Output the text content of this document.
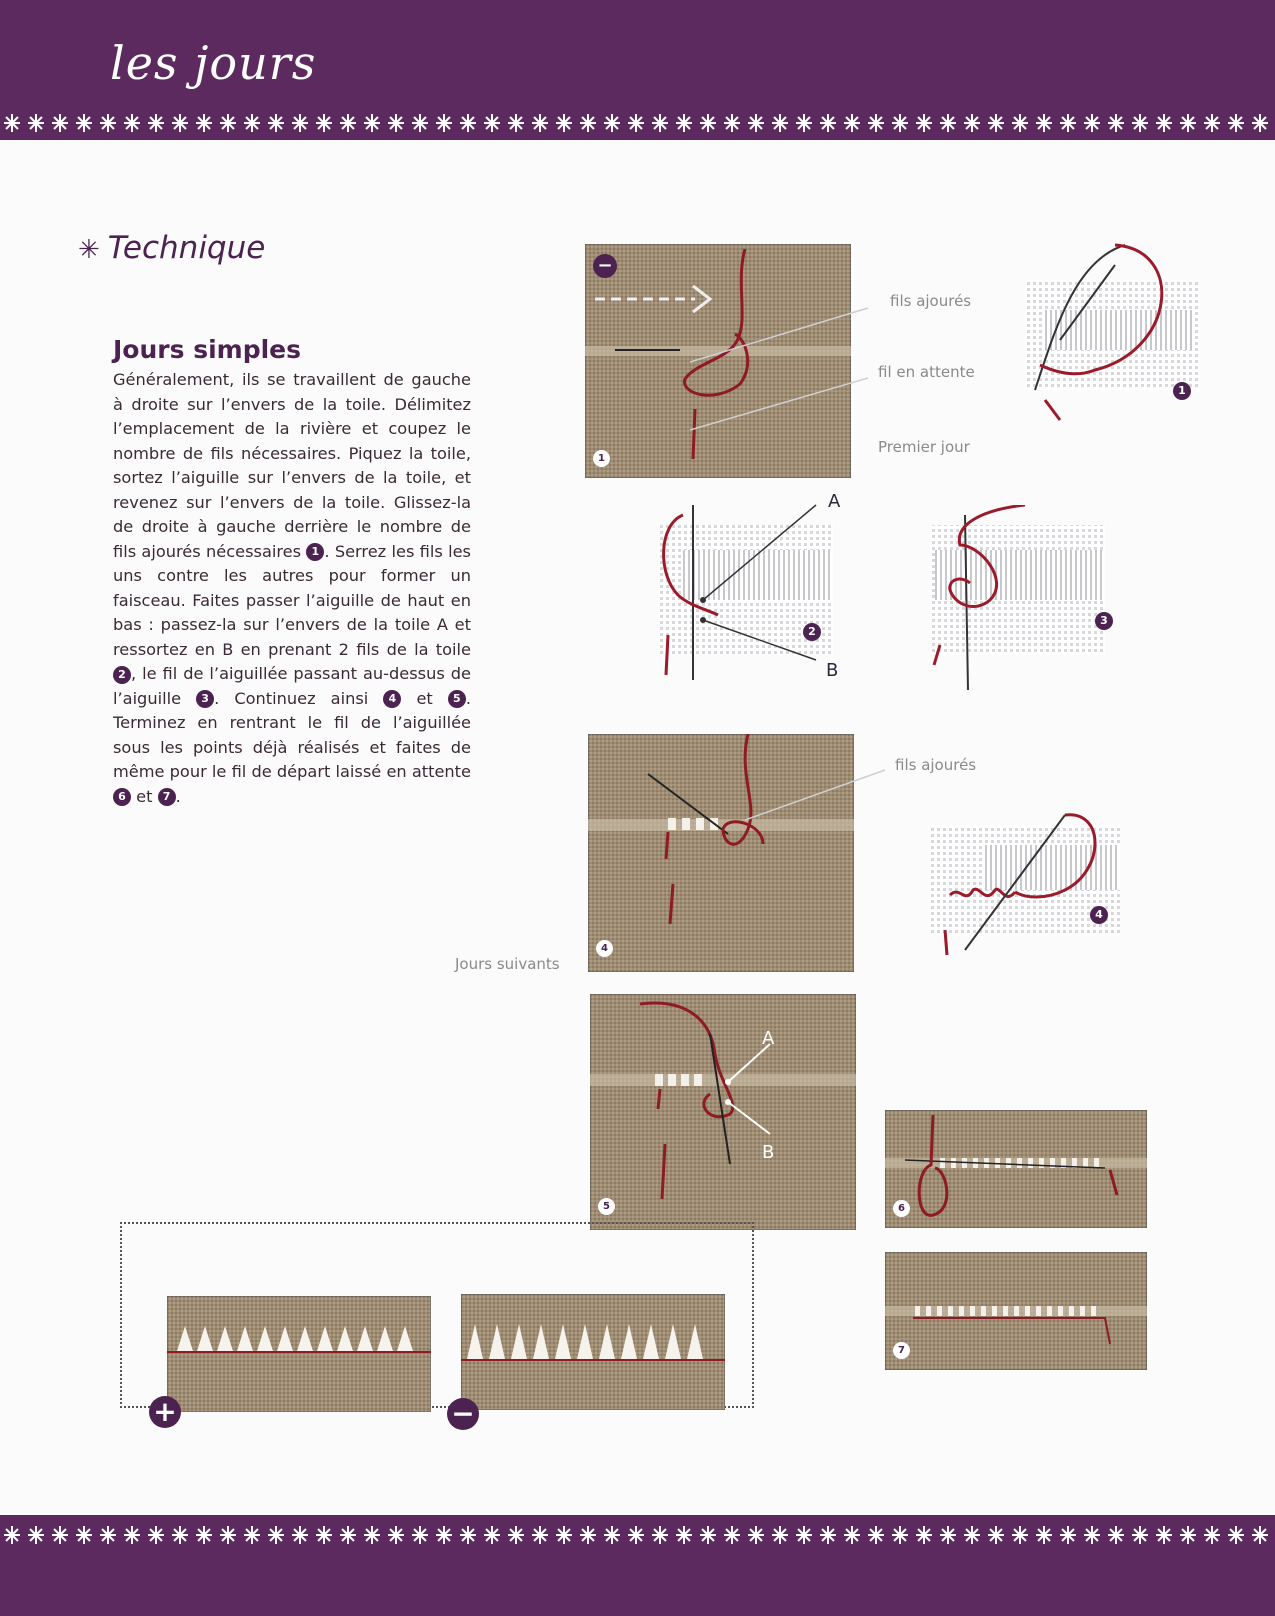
les jours
✳ Technique
Jours simples
Généralement, ils se travaillent de gauche à droite sur l’envers de la toile. Délimitez l’emplacement de la rivière et coupez le nombre de fils nécessaires. Piquez la toile, sortez l’aiguille sur l’envers de la toile, et revenez sur l’envers de la toile. Glissez-la de droite à gauche derrière le nombre de fils ajourés nécessaires 1 . Serrez les fils les uns contre les autres pour former un faisceau. Faites passer l’aiguille de haut en bas : passez-la sur l’envers de la toile A et ressortez en B en prenant 2 fils de la toile 2 , le fil de l’aiguillée passant au-dessus de l’aiguille 3 . Continuez ainsi 4 et 5 . Terminez en rentrant le fil de l’aiguillée sous les points déjà réalisés et faites de même pour le fil de départ laissé en attente 6 et 7 .
−
1
fils ajourés
fil en attente
Premier jour
1
A
B
2
3
4
fils ajourés
Jours suivants
4
A
B
5	6
7
+	−
